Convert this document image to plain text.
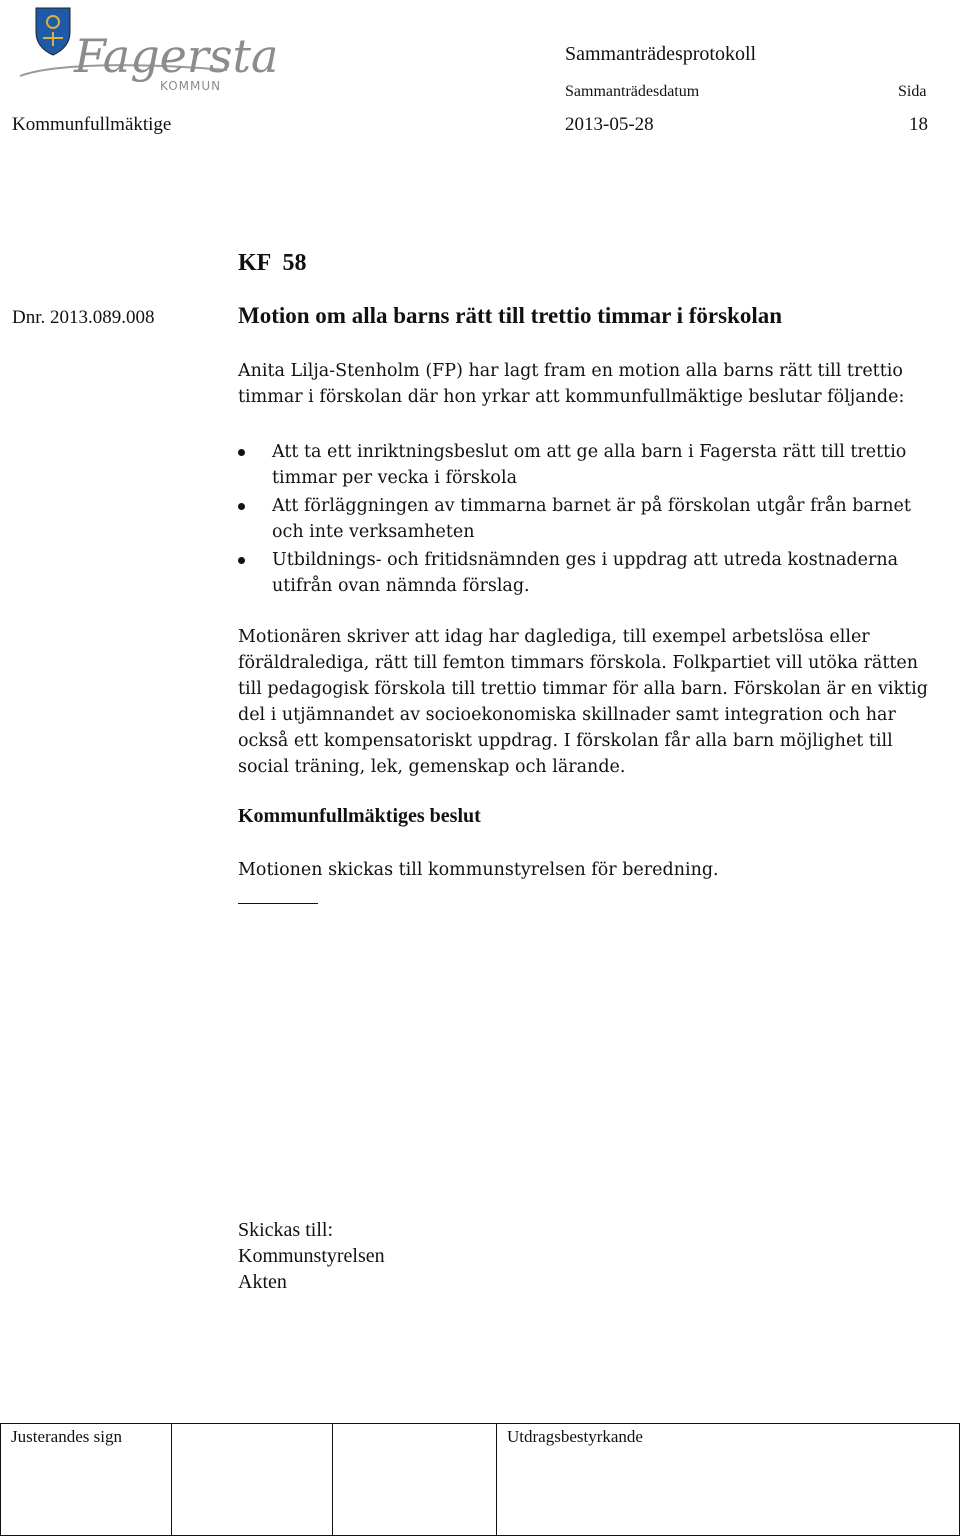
Fagersta
KOMMUN
Sammanträdesprotokoll
Sammanträdesdatum	Sida
Kommunfullmäktige	2013-05-28	18
KF  58
Dnr. 2013.089.008	Motion om alla barns rätt till trettio timmar i förskolan
Anita Lilja-Stenholm (FP) har lagt fram en motion alla barns rätt till trettio timmar i förskolan där hon yrkar att kommunfullmäktige beslutar följande:
Att ta ett inriktningsbeslut om att ge alla barn i Fagersta rätt till trettio timmar per vecka i förskola
Att förläggningen av timmarna barnet är på förskolan utgår från barnet och inte verksamheten
Utbildnings- och fritidsnämnden ges i uppdrag att utreda kostnaderna utifrån ovan nämnda förslag.
Motionären skriver att idag har daglediga, till exempel arbetslösa eller föräldralediga, rätt till femton timmars förskola. Folkpartiet vill utöka rätten till pedagogisk förskola till trettio timmar för alla barn. Förskolan är en viktig del i utjämnandet av socioekonomiska skillnader samt integration och har också ett kompensatoriskt uppdrag. I förskolan får alla barn möjlighet till social träning, lek, gemenskap och lärande.
Kommunfullmäktiges beslut
Motionen skickas till kommunstyrelsen för beredning.
Skickas till:
Kommunstyrelsen
Akten
Justerandes sign			Utdragsbestyrkande
